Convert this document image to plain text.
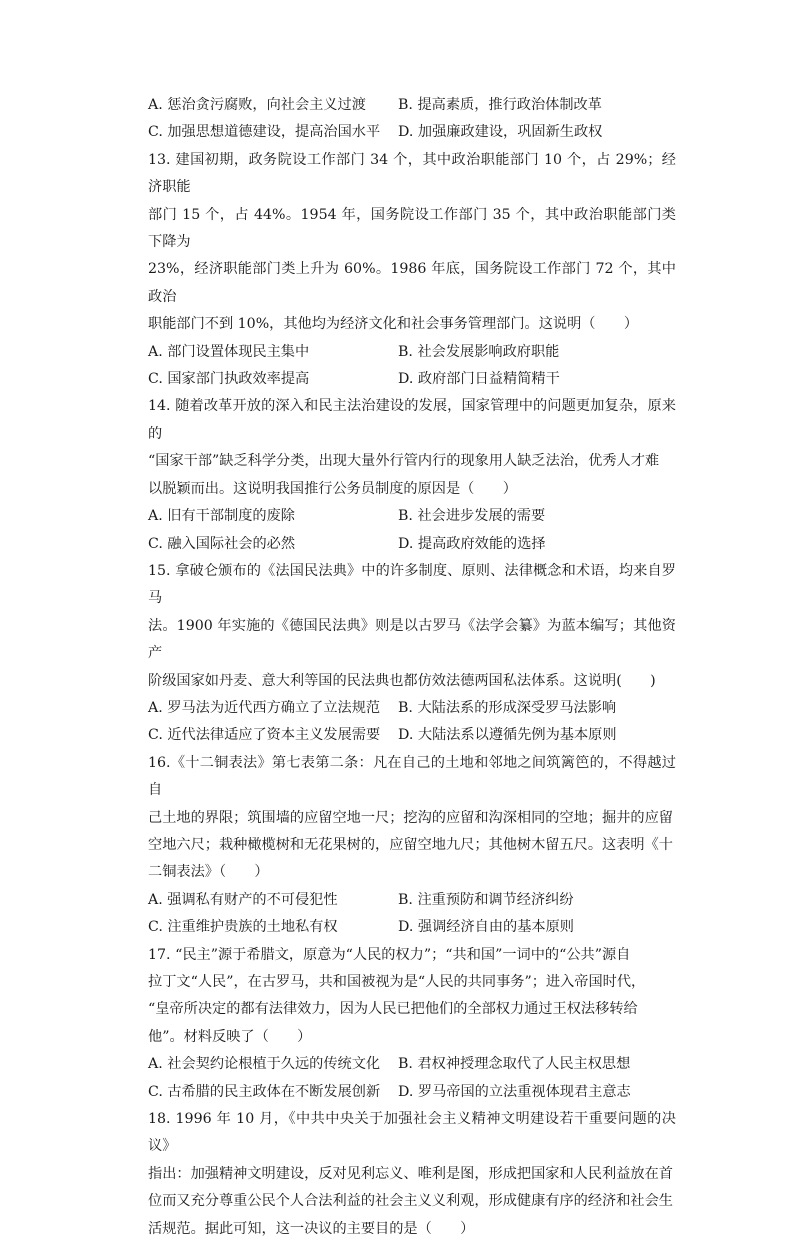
A. 惩治贪污腐败，向社会主义过渡	B. 提高素质，推行政治体制改革
C. 加强思想道德建设，提高治国水平	D. 加强廉政建设，巩固新生政权
13. 建国初期，政务院设工作部门 34 个，其中政治职能部门 10 个，占 29%；经济职能
部门 15 个，占 44%。1954 年，国务院设工作部门 35 个，其中政治职能部门类下降为
23%，经济职能部门类上升为 60%。1986 年底，国务院设工作部门 72 个，其中政治
职能部门不到 10%，其他均为经济文化和社会事务管理部门。这说明（　　）
A. 部门设置体现民主集中	B. 社会发展影响政府职能
C. 国家部门执政效率提高	D. 政府部门日益精简精干
14. 随着改革开放的深入和民主法治建设的发展，国家管理中的问题更加复杂，原来的
“国家干部”缺乏科学分类，出现大量外行管内行的现象用人缺乏法治，优秀人才难
以脱颖而出。这说明我国推行公务员制度的原因是（　　）
A. 旧有干部制度的废除	B. 社会进步发展的需要
C. 融入国际社会的必然	D. 提高政府效能的选择
15. 拿破仑颁布的《法国民法典》中的许多制度、原则、法律概念和术语，均来自罗马
法。1900 年实施的《德国民法典》则是以古罗马《法学会纂》为蓝本编写；其他资产
阶级国家如丹麦、意大利等国的民法典也都仿效法德两国私法体系。这说明(　　)
A. 罗马法为近代西方确立了立法规范	B. 大陆法系的形成深受罗马法影响
C. 近代法律适应了资本主义发展需要	D. 大陆法系以遵循先例为基本原则
16.《十二铜表法》第七表第二条：凡在自己的土地和邻地之间筑篱笆的，不得越过自
己土地的界限；筑围墙的应留空地一尺；挖沟的应留和沟深相同的空地；掘井的应留
空地六尺；栽种橄榄树和无花果树的，应留空地九尺；其他树木留五尺。这表明《十
二铜表法》（　　）
A. 强调私有财产的不可侵犯性	B. 注重预防和调节经济纠纷
C. 注重维护贵族的土地私有权	D. 强调经济自由的基本原则
17. “民主”源于希腊文，原意为“人民的权力”；“共和国”一词中的“公共”源自
拉丁文“人民”，在古罗马，共和国被视为是“人民的共同事务”；进入帝国时代，
“皇帝所决定的都有法律效力，因为人民已把他们的全部权力通过王权法移转给
他”。材料反映了（　　）
A. 社会契约论根植于久远的传统文化	B. 君权神授理念取代了人民主权思想
C. 古希腊的民主政体在不断发展创新	D. 罗马帝国的立法重视体现君主意志
18. 1996 年 10 月，《中共中央关于加强社会主义精神文明建设若干重要问题的决议》
指出：加强精神文明建设，反对见利忘义、唯利是图，形成把国家和人民利益放在首
位而又充分尊重公民个人合法利益的社会主义义利观，形成健康有序的经济和社会生
活规范。据此可知，这一决议的主要目的是（　　）
